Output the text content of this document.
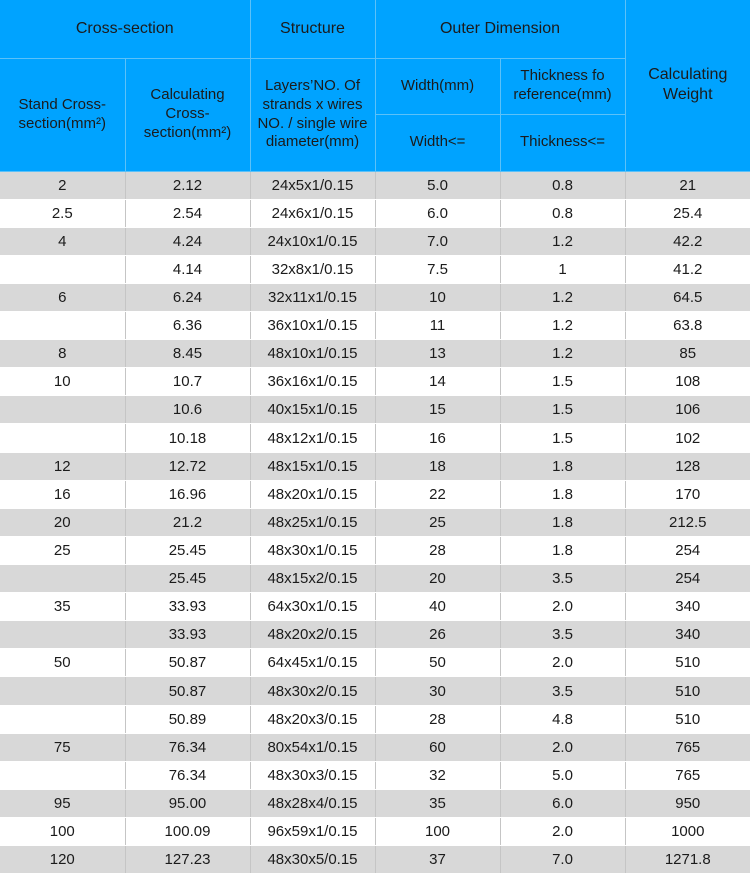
Cross-section		Structure	Outer Dimension		Calculating Weight
Stand Cross-section(mm²)	Calculating Cross-section(mm²)	Layers’NO. Of strands x wires NO. / single wire diameter(mm)	Width(mm)	Thickness fo reference(mm)	
			Width<=	Thickness<=	
2	2.12	24x5x1/0.15	5.0	0.8	21
2.5	2.54	24x6x1/0.15	6.0	0.8	25.4
4	4.24	24x10x1/0.15	7.0	1.2	42.2
	4.14	32x8x1/0.15	7.5	1	41.2
6	6.24	32x11x1/0.15	10	1.2	64.5
	6.36	36x10x1/0.15	11	1.2	63.8
8	8.45	48x10x1/0.15	13	1.2	85
10	10.7	36x16x1/0.15	14	1.5	108
	10.6	40x15x1/0.15	15	1.5	106
	10.18	48x12x1/0.15	16	1.5	102
12	12.72	48x15x1/0.15	18	1.8	128
16	16.96	48x20x1/0.15	22	1.8	170
20	21.2	48x25x1/0.15	25	1.8	212.5
25	25.45	48x30x1/0.15	28	1.8	254
	25.45	48x15x2/0.15	20	3.5	254
35	33.93	64x30x1/0.15	40	2.0	340
	33.93	48x20x2/0.15	26	3.5	340
50	50.87	64x45x1/0.15	50	2.0	510
	50.87	48x30x2/0.15	30	3.5	510
	50.89	48x20x3/0.15	28	4.8	510
75	76.34	80x54x1/0.15	60	2.0	765
	76.34	48x30x3/0.15	32	5.0	765
95	95.00	48x28x4/0.15	35	6.0	950
100	100.09	96x59x1/0.15	100	2.0	1000
120	127.23	48x30x5/0.15	37	7.0	1271.8
